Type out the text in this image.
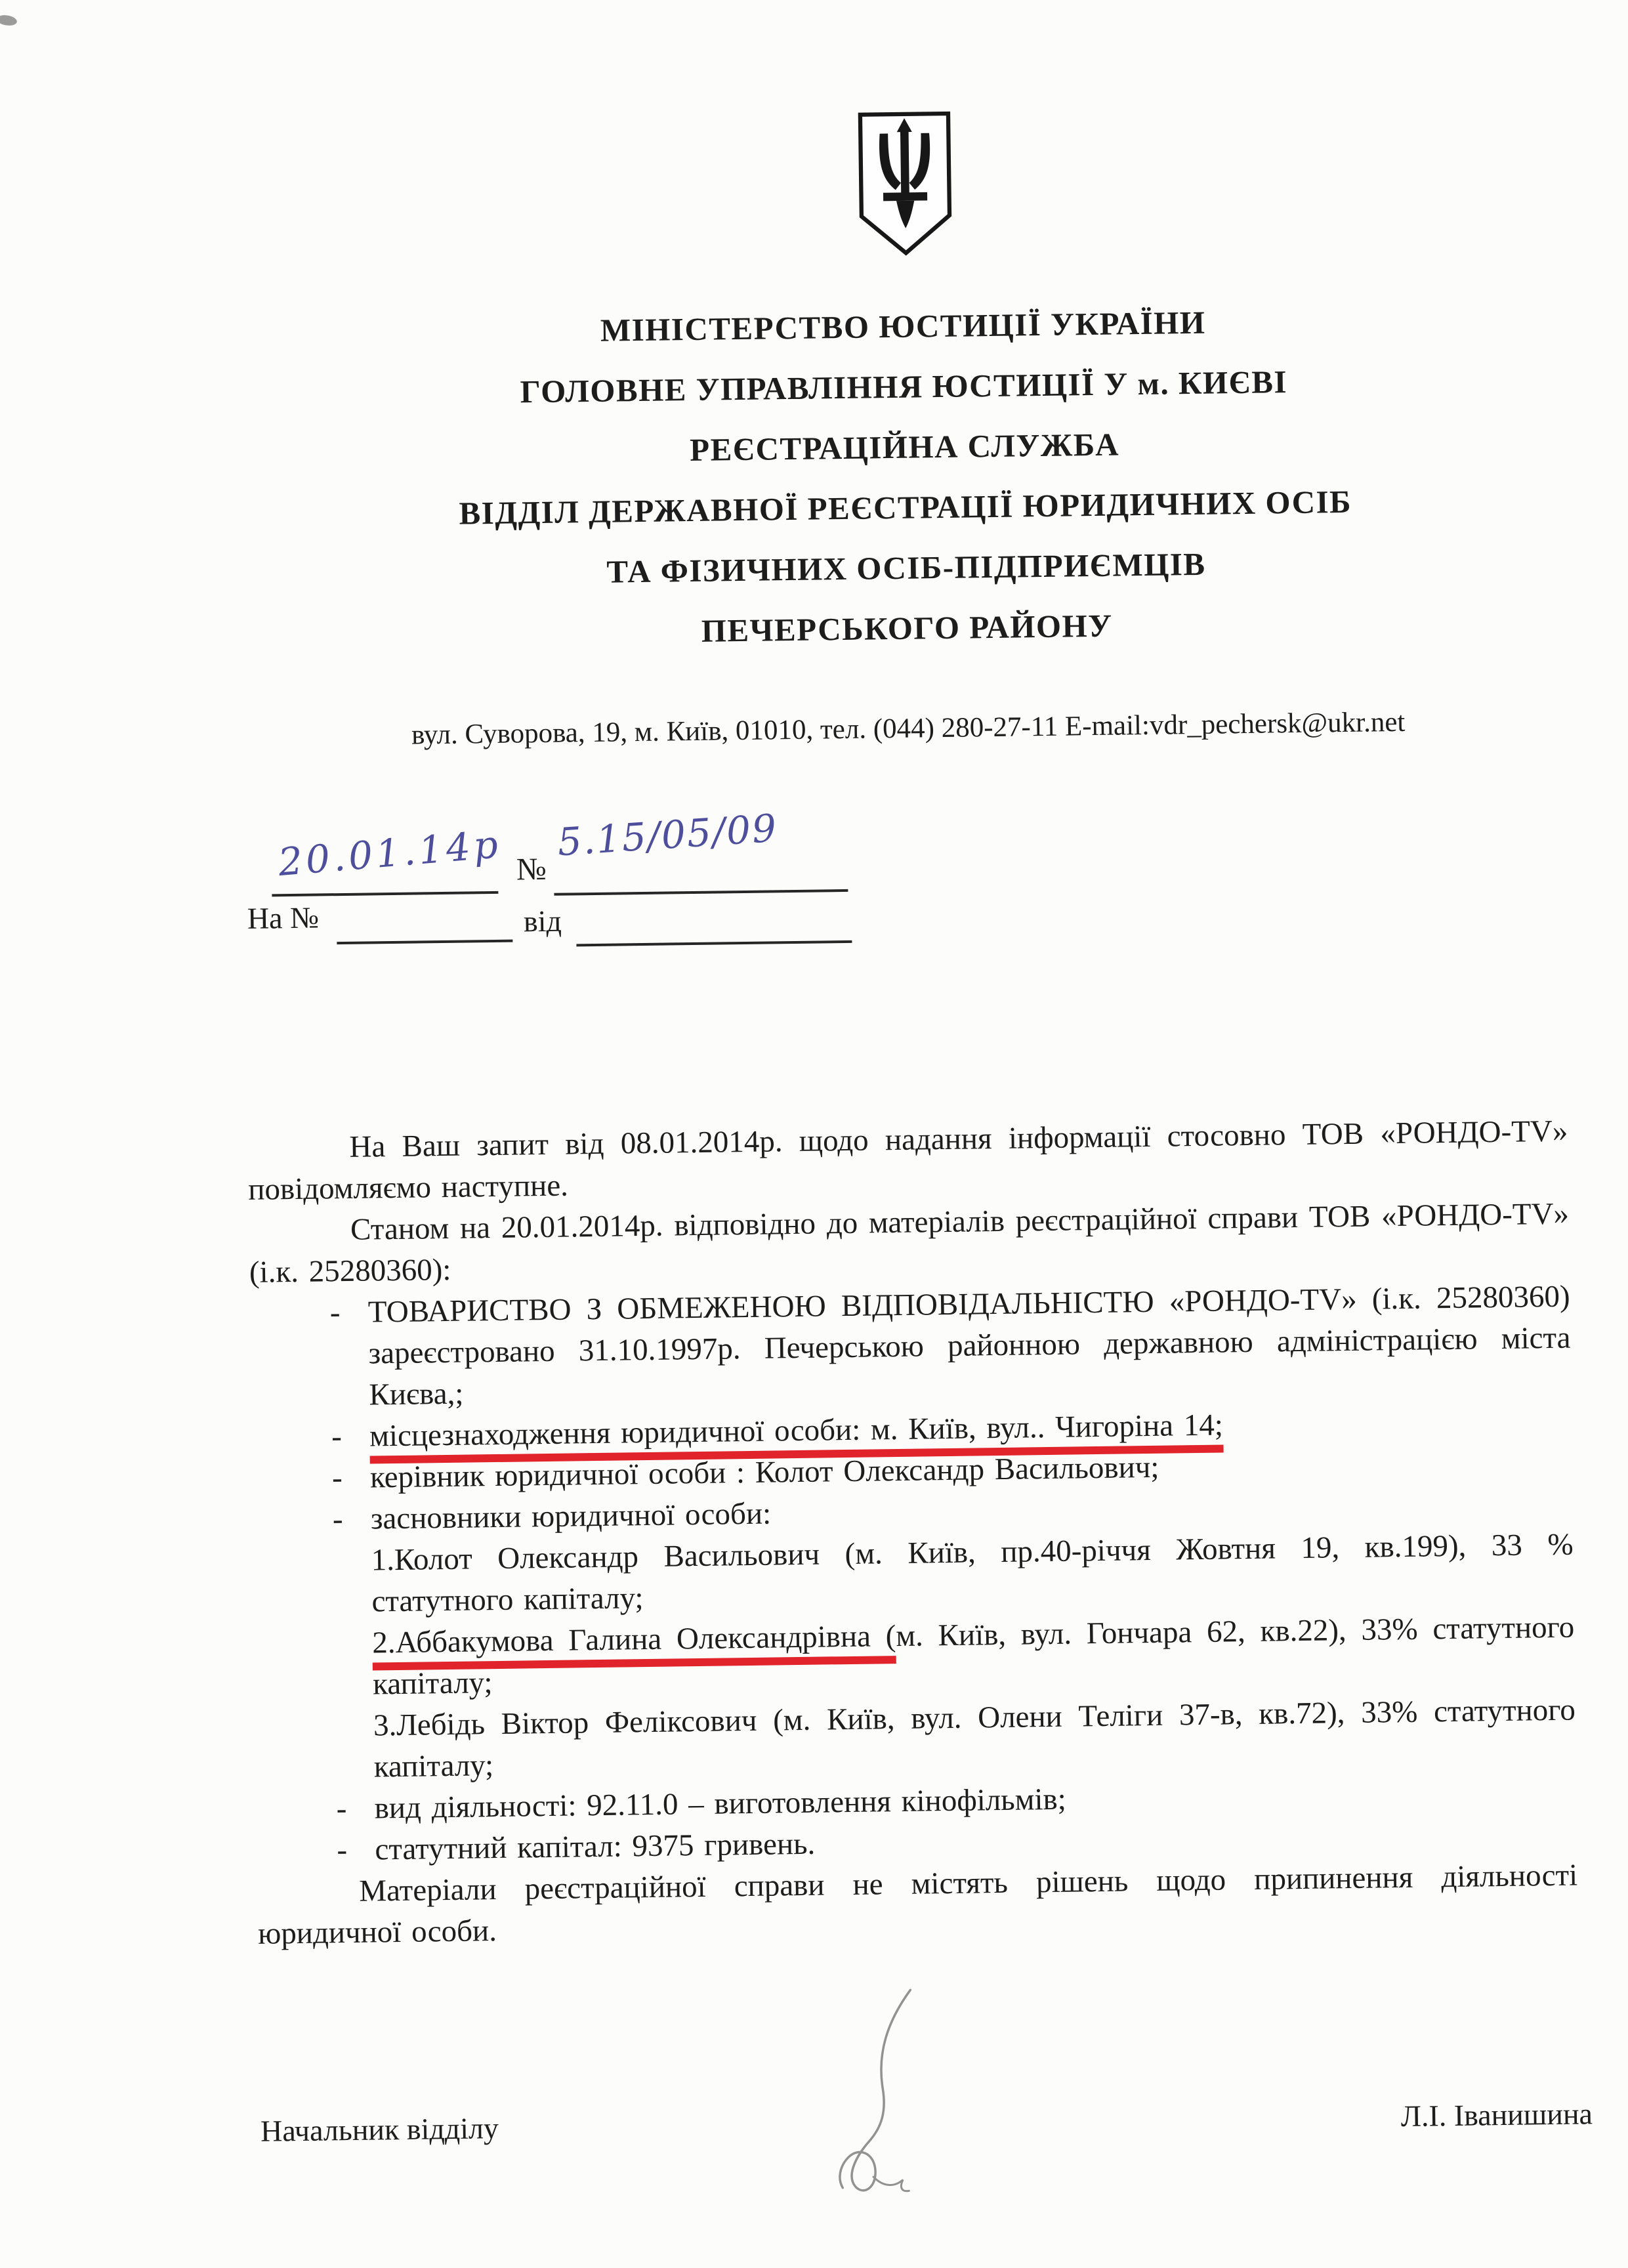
МІНІСТЕРСТВО ЮСТИЦІЇ УКРАЇНИ
ГОЛОВНЕ УПРАВЛІННЯ ЮСТИЦІЇ У м. КИЄВІ
РЕЄСТРАЦІЙНА СЛУЖБА
ВІДДІЛ ДЕРЖАВНОЇ РЕЄСТРАЦІЇ ЮРИДИЧНИХ ОСІБ
ТА ФІЗИЧНИХ ОСІБ-ПІДПРИЄМЦІВ
ПЕЧЕРСЬКОГО РАЙОНУ
вул. Суворова, 19, м. Київ, 01010, тел. (044) 280-27-11 E-mail:vdr_pechersk@ukr.net
20.01.14р №
5.15/05/09
На №	від

На Ваш запит від 08.01.2014р. щодо надання інформації стосовно ТОВ «РОНДО-TV» повідомляємо наступне.

Станом на 20.01.2014р. відповідно до матеріалів реєстраційної справи ТОВ «РОНДО-TV» (і.к. 25280360):

- ТОВАРИСТВО З ОБМЕЖЕНОЮ ВІДПОВІДАЛЬНІСТЮ «РОНДО-TV» (і.к. 25280360) зареєстровано 31.10.1997р. Печерською районною державною адміністрацією міста Києва,;
- місцезнаходження юридичної особи: м. Київ, вул.. Чигоріна 14;
- керівник юридичної особи : Колот Олександр Васильович;
- засновники юридичної особи:
1.Колот Олександр Васильович (м. Київ, пр.40-річчя Жовтня 19, кв.199), 33 % статутного капіталу;
2.Аббакумова Галина Олександрівна (м. Київ, вул. Гончара 62, кв.22), 33% статутного капіталу;
3.Лебідь Віктор Феліксович (м. Київ, вул. Олени Теліги 37-в, кв.72), 33% статутного капіталу;
- вид діяльності: 92.11.0 – виготовлення кінофільмів;
- статутний капітал: 9375 гривень.

Матеріали реєстраційної справи не містять рішень щодо припинення діяльності юридичної особи.

Начальник відділу	Л.І. Іванишина
